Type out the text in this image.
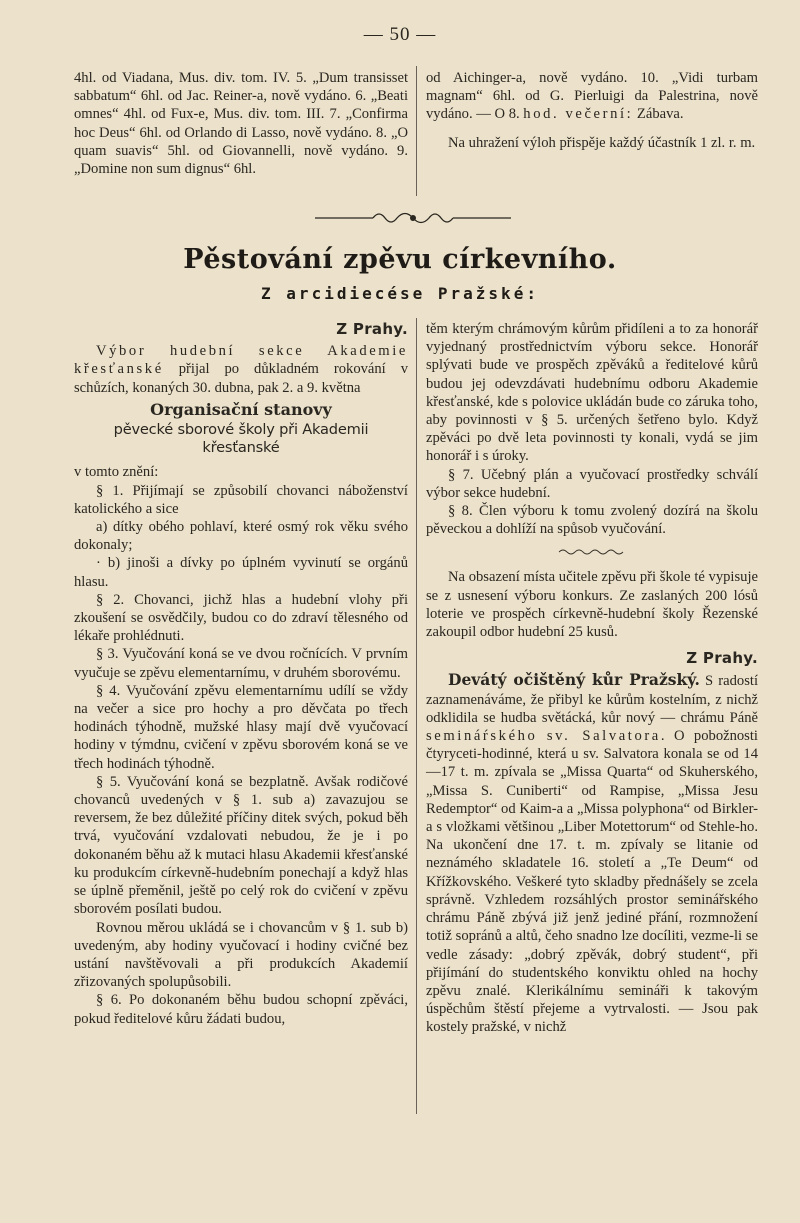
— 50 —

4hl. od Viadana, Mus. div. tom. IV. 5. „Dum transisset sabbatum“ 6hl. od Jac. Reiner-a, nově vydáno. 6. „Beati omnes“ 4hl. od Fux-e, Mus. div. tom. III. 7. „Confirma hoc Deus“ 6hl. od Orlando di Lasso, nově vydáno. 8. „O quam suavis“ 5hl. od Giovannelli, nově vydáno. 9. „Domine non sum dignus“ 6hl.

od Aichinger-a, nově vydáno. 10. „Vidi turbam magnam“ 6hl. od G. Pierluigi da Palestrina, nově vydáno. — O 8. hod. večerní: Zábava.

Na uhražení výloh přispěje každý účastník 1 zl. r. m.

Pěstování zpěvu církevního.
Z arcidiecése Pražské:
Z Prahy.

Výbor hudební sekce Akademie křesťanské přijal po důkladném rokování v schůzích, konaných 30. dubna, pak 2. a 9. května

Organisační stanovy
pěvecké sborové školy při Akademii křesťanské

v tomto znění:

§ 1. Přijímají se způsobilí chovanci náboženství katolického a sice

a) dítky obého pohlaví, které osmý rok věku svého dokonaly;

· b) jinoši a dívky po úplném vyvinutí se orgánů hlasu.

§ 2. Chovanci, jichž hlas a hudební vlohy při zkoušení se osvědčily, budou co do zdraví tělesného od lékaře prohlédnuti.

§ 3. Vyučování koná se ve dvou ročnících. V prvním vyučuje se zpěvu elementarnímu, v druhém sborovému.

§ 4. Vyučování zpěvu elementarnímu udílí se vždy na večer a sice pro hochy a pro děvčata po třech hodinách týhodně, mužské hlasy mají dvě vyučovací hodiny v týmdnu, cvičení v zpěvu sborovém koná se ve třech hodinách týhodně.

§ 5. Vyučování koná se bezplatně. Avšak rodičové chovanců uvedených v § 1. sub a) zavazujou se reversem, že bez důležité příčiny ditek svých, pokud běh trvá, vyučování vzdalovati nebudou, že je i po dokonaném běhu až k mutaci hlasu Akademii křesťanské ku produkcím církevně-hudebním ponechají a když hlas se úplně přeměnil, ještě po celý rok do cvičení v zpěvu sborovém posílati budou.

Rovnou měrou ukládá se i chovancům v § 1. sub b) uvedeným, aby hodiny vyučovací i hodiny cvičné bez ustání navštěvovali a při produkcích Akademií zřizovaných spolupůsobili.

§ 6. Po dokonaném běhu budou schopní zpěváci, pokud ředitelové kůru žádati budou,

těm kterým chrámovým kůrům přidíleni a to za honorář vyjednaný prostřednictvím výboru sekce. Honorář splývati bude ve prospěch zpěváků a ředitelové kůrů budou jej odevzdávati hudebnímu odboru Akademie křesťanské, kde s polovice ukládán bude co záruka toho, aby povinnosti v § 5. určených šetřeno bylo. Když zpěváci po dvě leta povinnosti ty konali, vydá se jim honorář i s úroky.

§ 7. Učebný plán a vyučovací prostředky schválí výbor sekce hudební.

§ 8. Člen výboru k tomu zvolený dozírá na školu pěveckou a dohlíží na spůsob vyučování.

Na obsazení místa učitele zpěvu při škole té vypisuje se z usnesení výboru konkurs. Ze zaslaných 200 lósů loterie ve prospěch církevně-hudební školy Řezenské zakoupil odbor hudební 25 kusů.

Z Prahy.

Devátý očištěný kůr Pražský. S radostí zaznamenáváme, že přibyl ke kůrům kostelním, z nichž odklidila se hudba světácká, kůr nový — chrámu Páně semináŕského sv. Salvatora. O pobožnosti čtyryceti-hodinné, která u sv. Salvatora konala se od 14—17 t. m. zpívala se „Missa Quarta“ od Skuherského, „Missa S. Cuniberti“ od Rampise, „Missa Jesu Redemptor“ od Kaim-a a „Missa polyphona“ od Birkler-a s vložkami většinou „Liber Motettorum“ od Stehle-ho. Na ukončení dne 17. t. m. zpívaly se litanie od neznámého skladatele 16. století a „Te Deum“ od Křížkovského. Veškeré tyto skladby přednášely se zcela správně. Vzhledem rozsáhlých prostor seminářského chrámu Páně zbývá již jenž jediné přání, rozmnožení totiž sopránů a altů, čeho snadno lze docíliti, vezme-li se vedle zásady: „dobrý zpěvák, dobrý student“, při přijímání do studentského konviktu ohled na hochy zpěvu znalé. Klerikálnímu semináři k takovým úspěchům štěstí přejeme a vytrvalosti. — Jsou pak kostely pražské, v nichž
